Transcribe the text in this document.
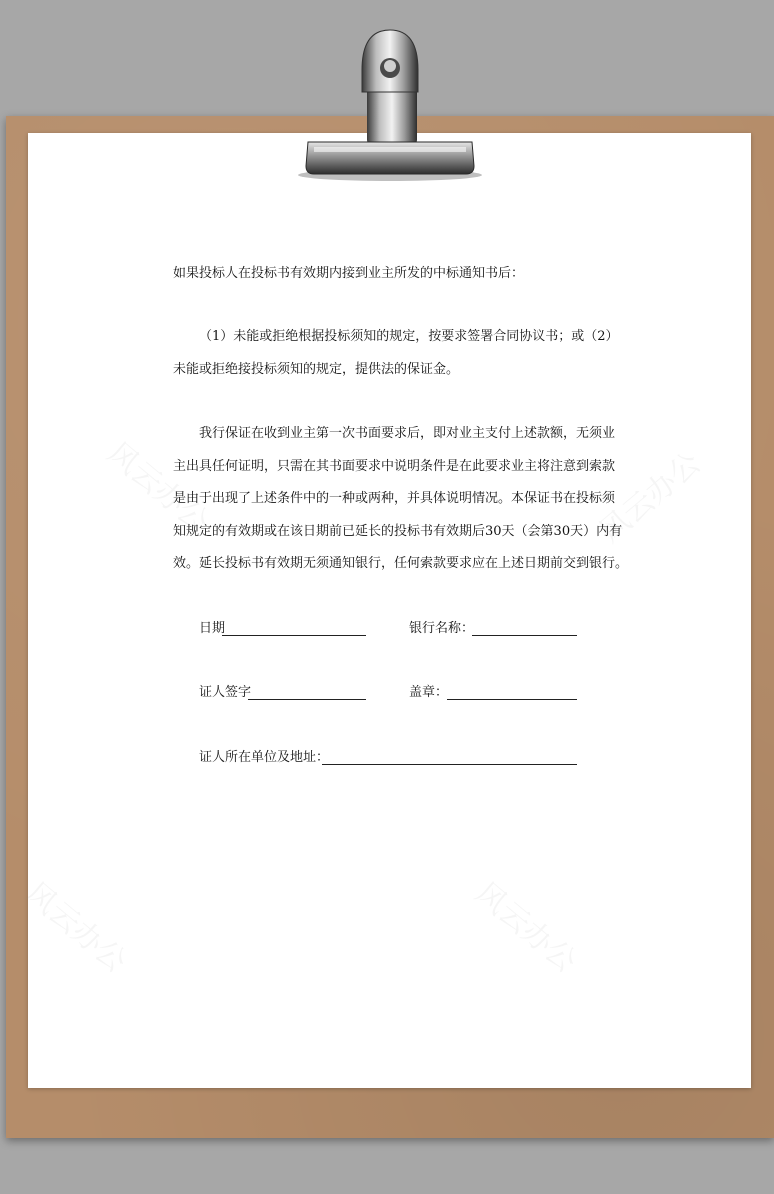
风云办公	风云办公
风云办公	风云办公

如果投标人在投标书有效期内接到业主所发的中标通知书后：

（1）未能或拒绝根据投标须知的规定，按要求签署合同协议书；或（2）
未能或拒绝接投标须知的规定，提供法的保证金。
我行保证在收到业主第一次书面要求后，即对业主支付上述款额，无须业
主出具任何证明，只需在其书面要求中说明条件是在此要求业主将注意到索款
是由于出现了上述条件中的一种或两种，并具体说明情况。本保证书在投标须
知规定的有效期或在该日期前已延长的投标书有效期后30天（会第30天）内有
效。延长投标书有效期无须通知银行，任何索款要求应在上述日期前交到银行。
日期	银行名称：
证人签字	盖章：
证人所在单位及地址：
